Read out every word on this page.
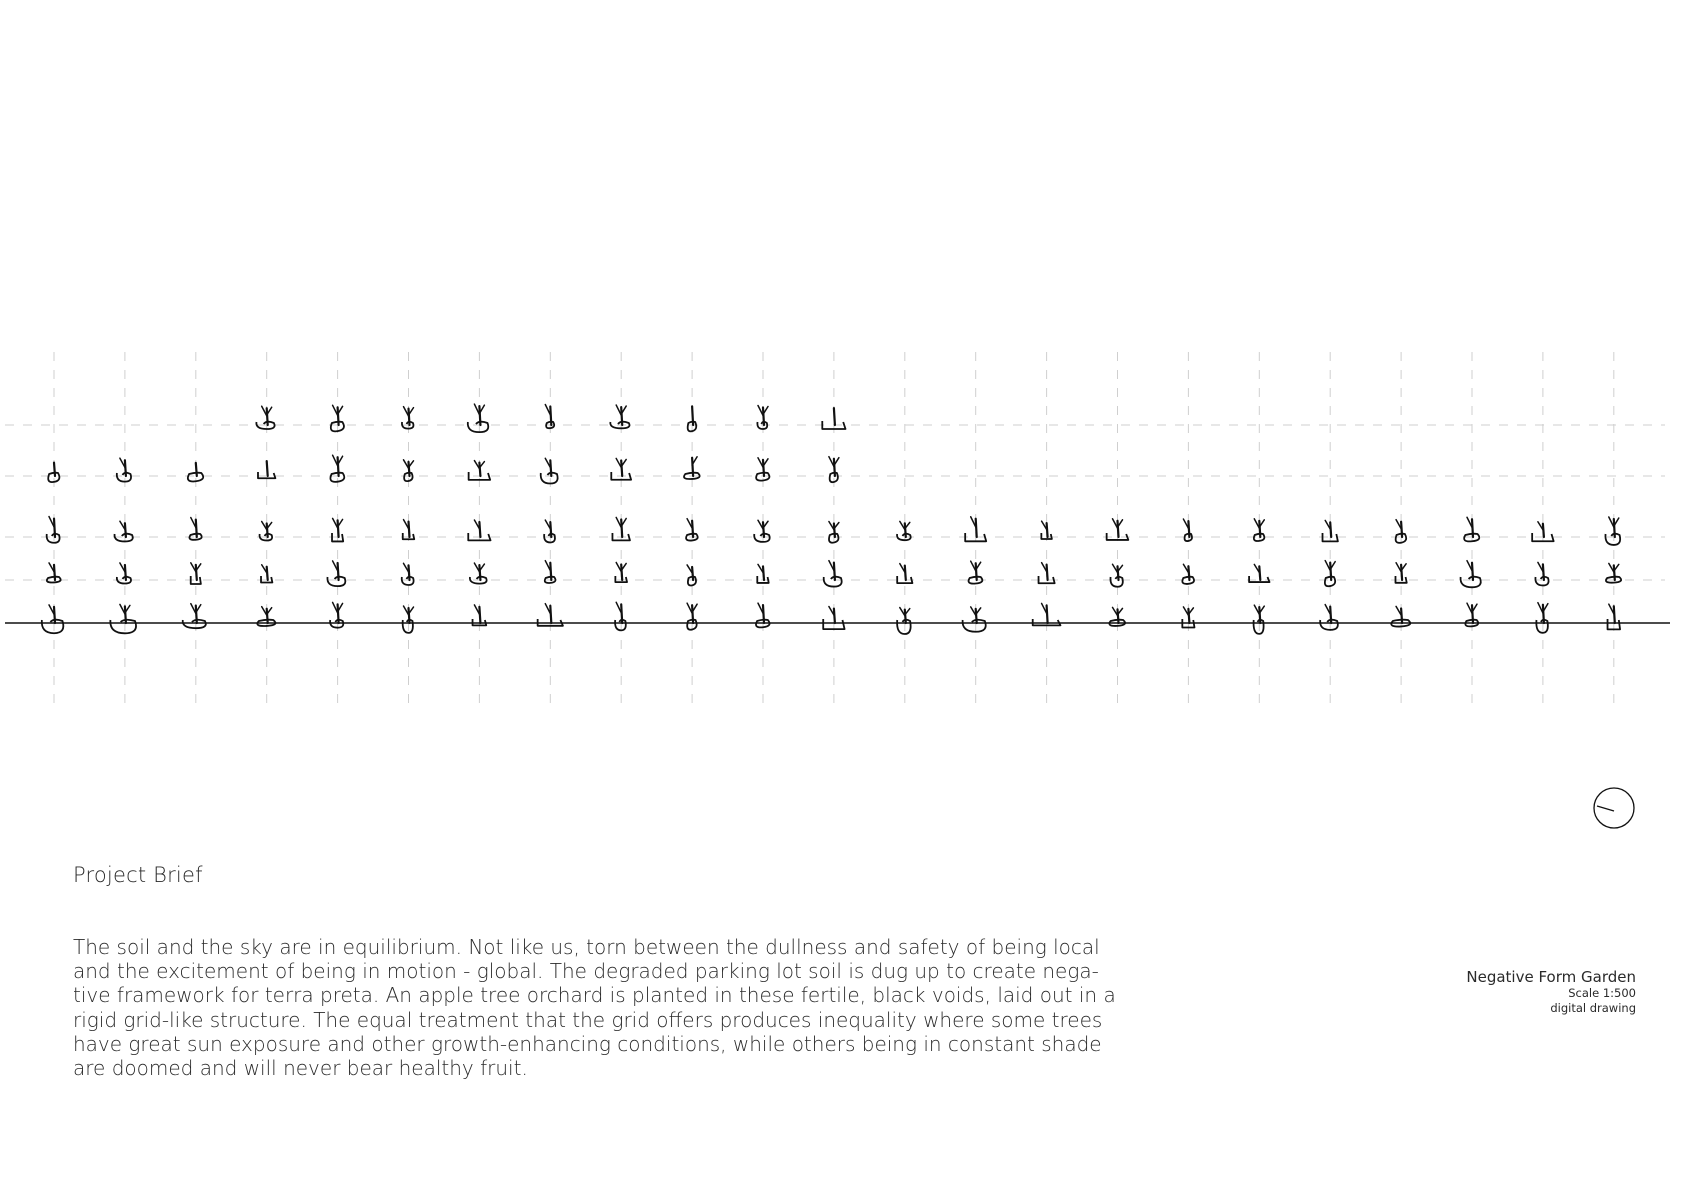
Project Brief
The soil and the sky are in equilibrium. Not like us, torn between the dullness and safety of being local
and the excitement of being in motion - global. The degraded parking lot soil is dug up to create nega-
tive framework for terra preta. An apple tree orchard is planted in these fertile, black voids, laid out in a
rigid grid-like structure. The equal treatment that the grid offers produces inequality where some trees
have great sun exposure and other growth-enhancing conditions, while others being in constant shade
are doomed and will never bear healthy fruit.
Negative Form Garden
Scale 1:500
digital drawing
